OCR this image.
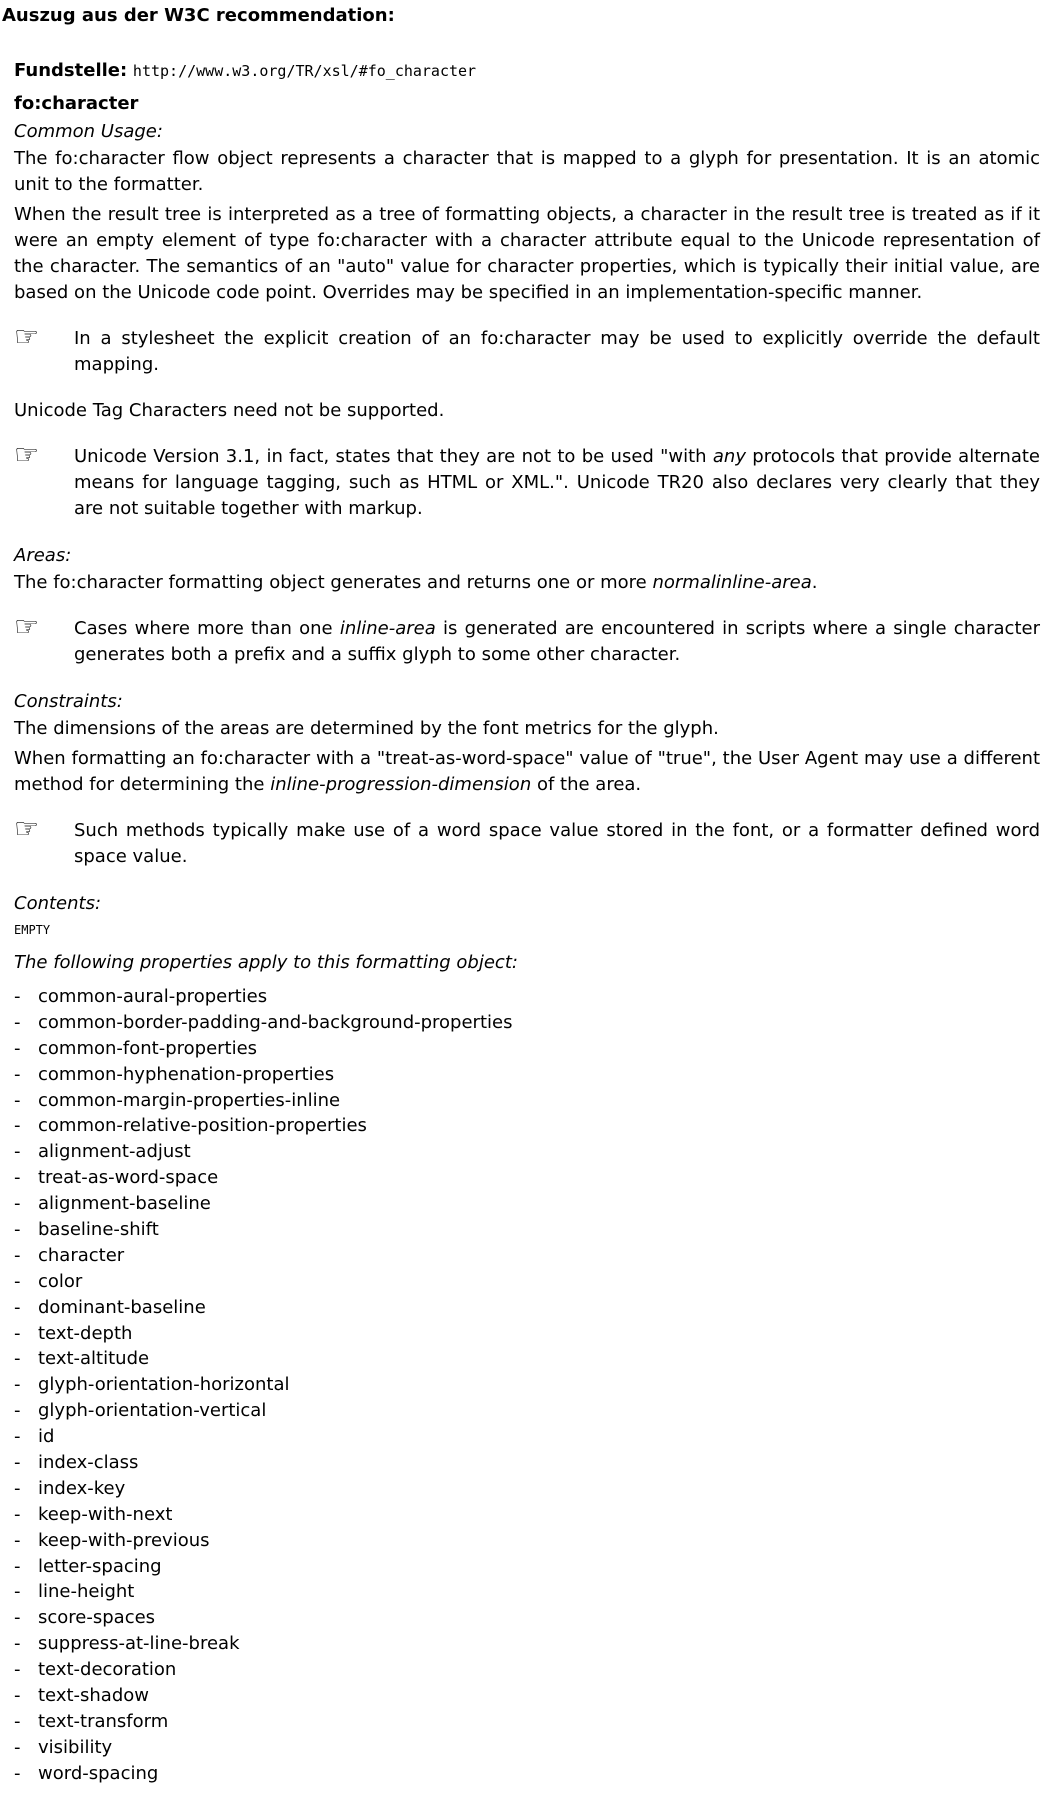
Auszug aus der W3C recommendation:
Fundstelle: http://www.w3.org/TR/xsl/#fo_character
fo:character
Common Usage:

The fo:character flow object represents a character that is mapped to a glyph for presentation. It is an atomic unit to the formatter.

When the result tree is interpreted as a tree of formatting objects, a character in the result tree is treated as if it were an empty element of type fo:character with a character attribute equal to the Unicode representation of the character. The semantics of an "auto" value for character properties, which is typically their initial value, are based on the Unicode code point. Overrides may be specified in an implementation-specific manner.

☞	In a stylesheet the explicit creation of an fo:character may be used to explicitly override the default mapping.

Unicode Tag Characters need not be supported.

☞	Unicode Version 3.1, in fact, states that they are not to be used "with any protocols that provide alternate means for language tagging, such as HTML or XML.". Unicode TR20 also declares very clearly that they are not suitable together with markup.
Areas:

The fo:character formatting object generates and returns one or more normalinline-area.

☞	Cases where more than one inline-area is generated are encountered in scripts where a single character generates both a prefix and a suffix glyph to some other character.
Constraints:

The dimensions of the areas are determined by the font metrics for the glyph.

When formatting an fo:character with a "treat-as-word-space" value of "true", the User Agent may use a different method for determining the inline-progression-dimension of the area.

☞	Such methods typically make use of a word space value stored in the font, or a formatter defined word space value.
Contents:
EMPTY
The following properties apply to this formatting object:
- common-aural-properties
- common-border-padding-and-background-properties
- common-font-properties
- common-hyphenation-properties
- common-margin-properties-inline
- common-relative-position-properties
- alignment-adjust
- treat-as-word-space
- alignment-baseline
- baseline-shift
- character
- color
- dominant-baseline
- text-depth
- text-altitude
- glyph-orientation-horizontal
- glyph-orientation-vertical
- id
- index-class
- index-key
- keep-with-next
- keep-with-previous
- letter-spacing
- line-height
- score-spaces
- suppress-at-line-break
- text-decoration
- text-shadow
- text-transform
- visibility
- word-spacing
